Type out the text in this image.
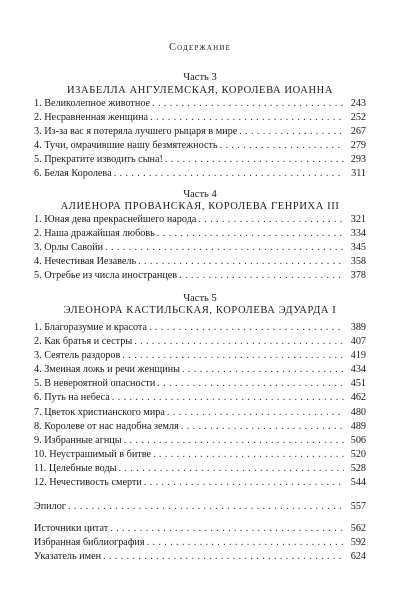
Содержание
Часть 3
ИЗАБЕЛЛА АНГУЛЕМСКАЯ, КОРОЛЕВА ИОАННА
1. Великолепное животное . . .	243
2. Несравненная женщина . . .	252
3. Из-за вас я потеряла лучшего рыцаря в мире . . .	267
4. Тучи, омрачившие нашу безмятежность . . .	279
5. Прекратите изводить сына! . . .	293
6. Белая Королева . . .	311
Часть 4
АЛИЕНОРА ПРОВАНСКАЯ, КОРОЛЕВА ГЕНРИХА III
1. Юная дева прекраснейшего народа . . .	321
2. Наша дражайшая любовь . . .	334
3. Орлы Савойи . . .	345
4. Нечестивая Иезавель . . .	358
5. Отребье из числа иностранцев . . .	378
Часть 5
ЭЛЕОНОРА КАСТИЛЬСКАЯ, КОРОЛЕВА ЭДУАРДА I
1. Благоразумие и красота . . .	389
2. Как братья и сестры . . .	407
3. Сеятель раздоров . . .	419
4. Змеиная ложь и речи женщины . . .	434
5. В невероятной опасности . . .	451
6. Путь на небеса . . .	462
7. Цветок христианского мира . . .	480
8. Королеве от нас надобна земля . . .	489
9. Избранные агнцы . . .	506
10. Неустрашимый в битве . . .	520
11. Целебные воды . . .	528
12. Нечестивость смерти . . .	544
Эпилог . . .	557
Источники цитат . . .	562
Избранная библиография . . .	592
Указатель имен . . .	624
